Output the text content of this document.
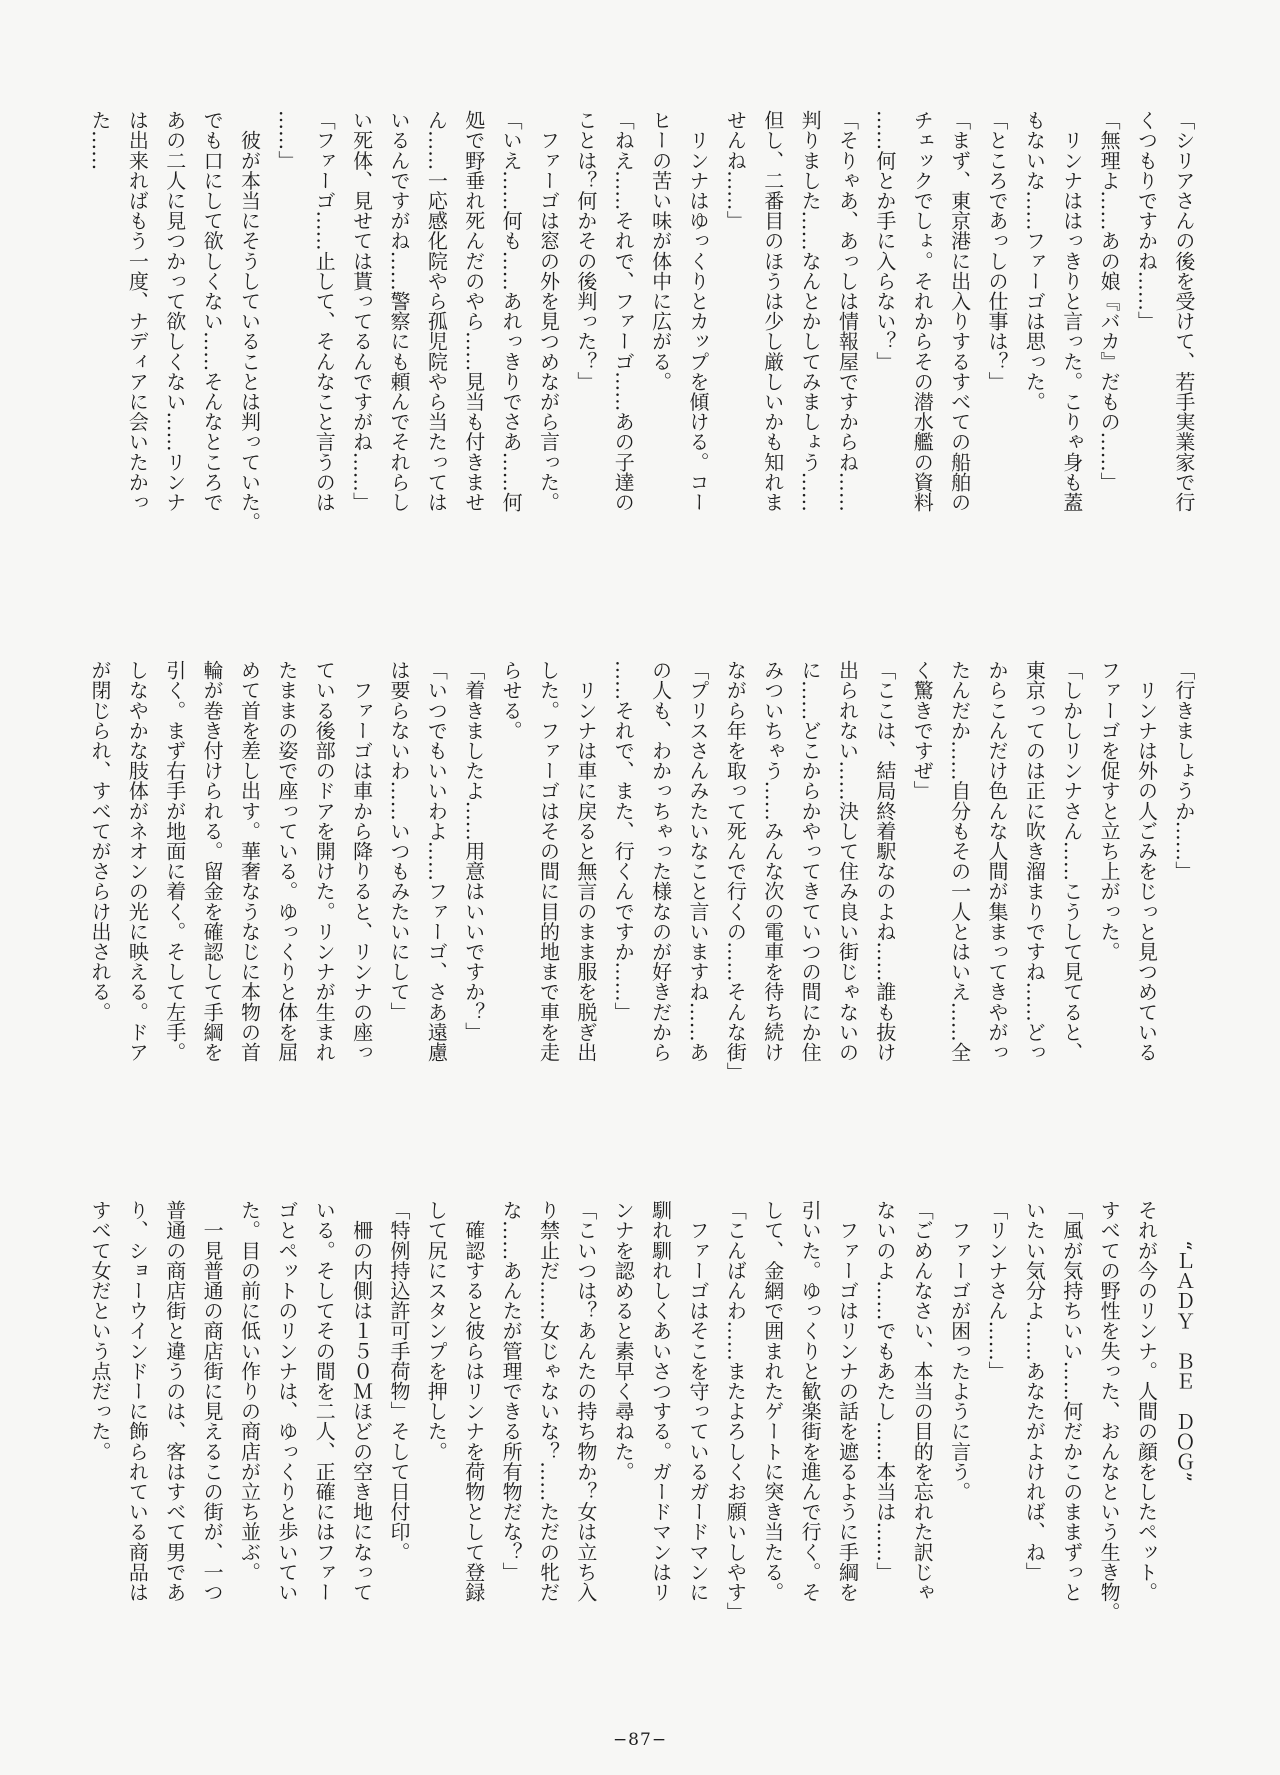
「シリアさんの後を受けて、若手実業家で行
くつもりですかね……」
「無理よ……あの娘『バカ』だもの……」
　リンナははっきりと言った。こりゃ身も蓋
もないな……ファーゴは思った。
「ところであっしの仕事は？」
「まず、東京港に出入りするすべての船舶の
チェックでしょ。それからその潜水艦の資料
……何とか手に入らない？」
「そりゃあ、あっしは情報屋ですからね……
判りました……なんとかしてみましょう……
但し、二番目のほうは少し厳しいかも知れま
せんね……」
　リンナはゆっくりとカップを傾ける。コー
ヒーの苦い味が体中に広がる。
「ねえ……それで、ファーゴ……あの子達の
ことは？何かその後判った？」
　ファーゴは窓の外を見つめながら言った。
「いえ……何も……あれっきりでさあ……何
処で野垂れ死んだのやら……見当も付きませ
ん……一応感化院やら孤児院やら当たっては
いるんですがね……警察にも頼んでそれらし
い死体、見せては貰ってるんですがね……」
「ファーゴ……止して、そんなこと言うのは
……」
　彼が本当にそうしていることは判っていた。
でも口にして欲しくない……そんなところで
あの二人に見つかって欲しくない……リンナ
は出来ればもう一度、ナディアに会いたかっ
た……
「行きましょうか……」
　リンナは外の人ごみをじっと見つめている
ファーゴを促すと立ち上がった。
「しかしリンナさん……こうして見てると、
東京ってのは正に吹き溜まりですね……どっ
からこんだけ色んな人間が集まってきやがっ
たんだか……自分もその一人とはいえ……全
く驚きですぜ」
「ここは、結局終着駅なのよね……誰も抜け
出られない……決して住み良い街じゃないの
に……どこからかやってきていつの間にか住
みついちゃう……みんな次の電車を待ち続け
ながら年を取って死んで行くの……そんな街」
「プリスさんみたいなこと言いますね……あ
の人も、わかっちゃった様なのが好きだから
……それで、また、行くんですか……」
　リンナは車に戻ると無言のまま服を脱ぎ出
した。ファーゴはその間に目的地まで車を走
らせる。
「着きましたよ……用意はいいですか？」
「いつでもいいわよ……ファーゴ、さあ遠慮
は要らないわ……いつもみたいにして」
　ファーゴは車から降りると、リンナの座っ
ている後部のドアを開けた。リンナが生まれ
たままの姿で座っている。ゆっくりと体を屈
めて首を差し出す。華奢なうなじに本物の首
輪が巻き付けられる。留金を確認して手綱を
引く。まず右手が地面に着く。そして左手。
しなやかな肢体がネオンの光に映える。ドア
が閉じられ、すべてがさらけ出される。
　　“ＬＡＤＹ　ＢＥ　ＤＯＧ”
それが今のリンナ。人間の顔をしたペット。
すべての野性を失った、おんなという生き物。
「風が気持ちいい……何だかこのままずっと
いたい気分よ……あなたがよければ、ね」
「リンナさん……」
　ファーゴが困ったように言う。
「ごめんなさい、本当の目的を忘れた訳じゃ
ないのよ……でもあたし……本当は……」
　ファーゴはリンナの話を遮るように手綱を
引いた。ゆっくりと歓楽街を進んで行く。そ
して、金網で囲まれたゲートに突き当たる。
「こんばんわ……またよろしくお願いしやす」
　ファーゴはそこを守っているガードマンに
馴れ馴れしくあいさつする。ガードマンはリ
ンナを認めると素早く尋ねた。
「こいつは？あんたの持ち物か？女は立ち入
り禁止だ……女じゃないな？……ただの牝だ
な……あんたが管理できる所有物だな？」
　確認すると彼らはリンナを荷物として登録
して尻にスタンプを押した。
「特例持込許可手荷物」そして日付印。
　柵の内側は１５０Ｍほどの空き地になって
いる。そしてその間を二人、正確にはファー
ゴとペットのリンナは、ゆっくりと歩いてい
た。目の前に低い作りの商店が立ち並ぶ。
　一見普通の商店街に見えるこの街が、一つ
普通の商店街と違うのは、客はすべて男であ
り、ショーウインドーに飾られている商品は
すべて女だという点だった。
−87−
